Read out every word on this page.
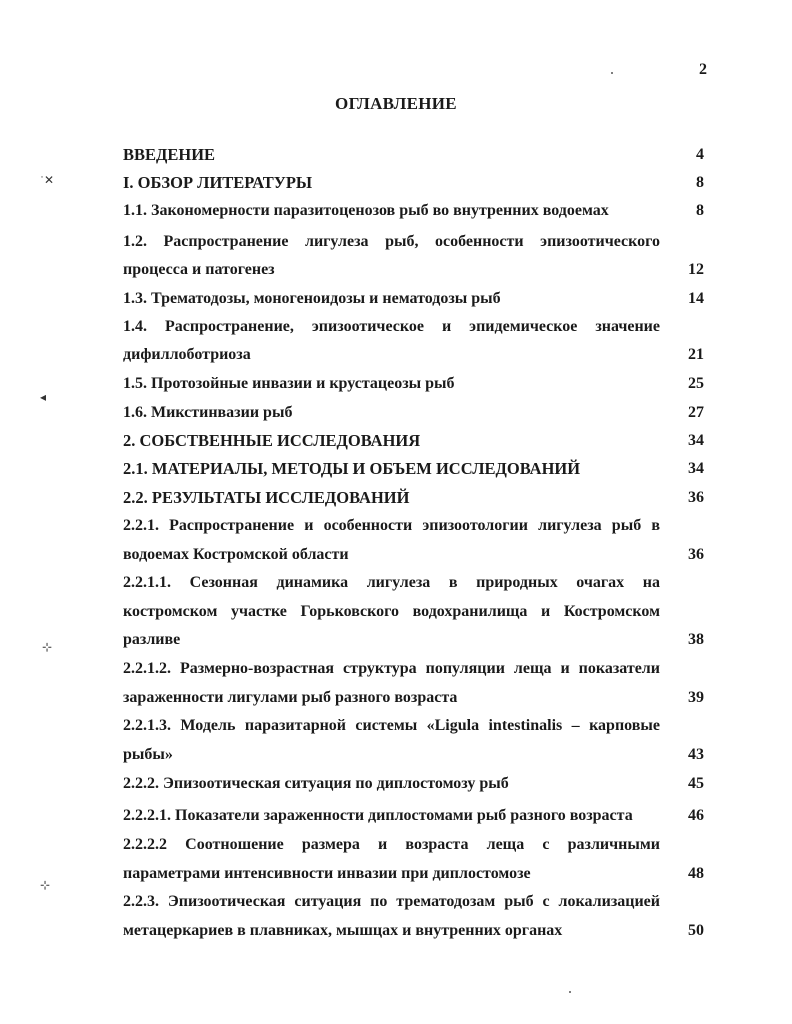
2
ОГЛАВЛЕНИЕ
ВВЕДЕНИЕ	4
I. ОБЗОР ЛИТЕРАТУРЫ	8
1.1. Закономерности паразитоценозов рыб во внутренних водоемах	8
1.2. Распространение лигулеза рыб, особенности эпизоотического
процесса и патогенез	12
1.3. Трематодозы, моногеноидозы и нематодозы рыб	14
1.4. Распространение, эпизоотическое и эпидемическое значение
дифиллоботриоза	21
1.5. Протозойные инвазии и крустацеозы рыб	25
1.6. Микстинвазии рыб	27
2. СОБСТВЕННЫЕ ИССЛЕДОВАНИЯ	34
2.1. МАТЕРИАЛЫ, МЕТОДЫ И ОБЪЕМ ИССЛЕДОВАНИЙ	34
2.2. РЕЗУЛЬТАТЫ ИССЛЕДОВАНИЙ	36
2.2.1. Распространение и особенности эпизоотологии лигулеза рыб в
водоемах Костромской области	36
2.2.1.1. Сезонная динамика лигулеза в природных очагах на
костромском участке Горьковского водохранилища и Костромском
разливе	38
2.2.1.2. Размерно-возрастная структура популяции леща и показатели
зараженности лигулами рыб разного возраста	39
2.2.1.3. Модель паразитарной системы «Ligula intestinalis – карповые
рыбы»	43
2.2.2. Эпизоотическая ситуация по диплостомозу рыб	45
2.2.2.1. Показатели зараженности диплостомами рыб разного возраста	46
2.2.2.2 Соотношение размера и возраста леща с различными
параметрами интенсивности инвазии при диплостомозе	48
2.2.3. Эпизоотическая ситуация по трематодозам рыб с локализацией
метацеркариев в плавниках, мышцах и внутренних органах	50
˙✕
◂
⊹
⊹
